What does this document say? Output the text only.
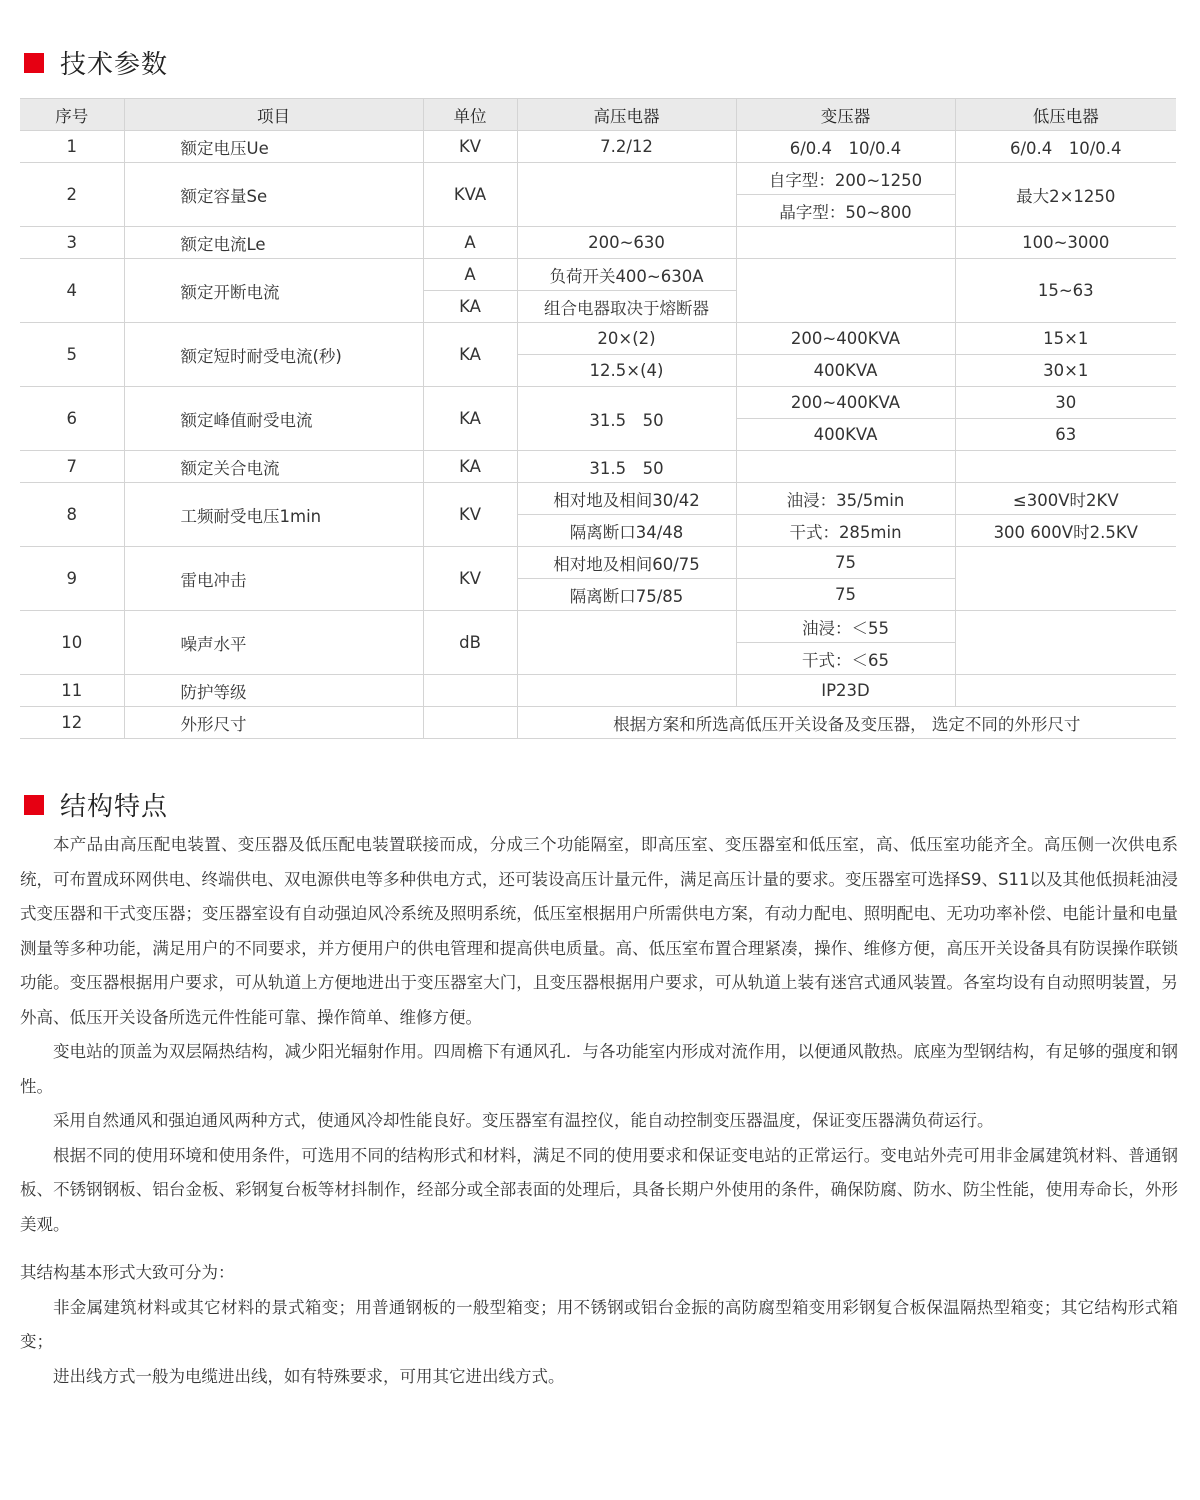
技术参数
序号	项目	单位	高压电器	变压器	低压电器
1	额定电压Ue	KV	7.2/12	6/0.4　10/0.4	6/0.4　10/0.4
2	额定容量Se	KVA		自字型：200~1250	最大2×1250
				晶字型：50~800	
3	额定电流Le	A	200~630		100~3000
4	额定开断电流	A	负荷开关400~630A		15~63
		KA	组合电器取决于熔断器		
5	额定短时耐受电流(秒)	KA	20×(2)	200~400KVA	15×1
			12.5×(4)	400KVA	30×1
6	额定峰值耐受电流	KA	31.5　50	200~400KVA	30
				400KVA	63
7	额定关合电流	KA	31.5　50		
8	工频耐受电压1min	KV	相对地及相间30/42	油浸：35/5min	≤300V时2KV
			隔离断口34/48	干式：285min	300 600V时2.5KV
9	雷电冲击	KV	相对地及相间60/75	75	
			隔离断口75/85	75	
10	噪声水平	dB		油浸：＜55	
				干式：＜65	
11	防护等级			IP23D	
12	外形尺寸		根据方案和所选高低压开关设备及变压器， 选定不同的外形尺寸		
结构特点

本产品由高压配电装置、变压器及低压配电装置联接而成，分成三个功能隔室，即高压室、变压器室和低压室，高、低压室功能齐全。高压侧一次供电系统，可布置成环网供电、终端供电、双电源供电等多种供电方式，还可装设高压计量元件，满足高压计量的要求。变压器室可选择S9、S11以及其他低损耗油浸式变压器和干式变压器；变压器室设有自动强迫风冷系统及照明系统，低压室根据用户所需供电方案，有动力配电、照明配电、无功功率补偿、电能计量和电量测量等多种功能，满足用户的不同要求，并方便用户的供电管理和提高供电质量。高、低压室布置合理紧凑，操作、维修方便，高压开关设备具有防误操作联锁功能。变压器根据用户要求，可从轨道上方便地进出于变压器室大门，且变压器根据用户要求，可从轨道上装有迷宫式通风装置。各室均设有自动照明装置，另外高、低压开关设备所选元件性能可靠、操作简单、维修方便。

变电站的顶盖为双层隔热结构，减少阳光辐射作用。四周檐下有通风孔．与各功能室内形成对流作用，以便通风散热。底座为型钢结构，有足够的强度和钢性。

采用自然通风和强迫通风两种方式，使通风冷却性能良好。变压器室有温控仪，能自动控制变压器温度，保证变压器满负荷运行。

根据不同的使用环境和使用条件，可选用不同的结构形式和材料，满足不同的使用要求和保证变电站的正常运行。变电站外壳可用非金属建筑材料、普通钢板、不锈钢钢板、铝台金板、彩钢复台板等材抖制作，经部分或全部表面的处理后，具备长期户外使用的条件，确保防腐、防水、防尘性能，使用寿命长，外形美观。

其结构基本形式大致可分为：

非金属建筑材料或其它材料的景式箱变；用普通钢板的一般型箱变；用不锈钢或铝台金振的高防腐型箱变用彩钢复合板保温隔热型箱变；其它结构形式箱变；

进出线方式一般为电缆进出线，如有特殊要求，可用其它进出线方式。
